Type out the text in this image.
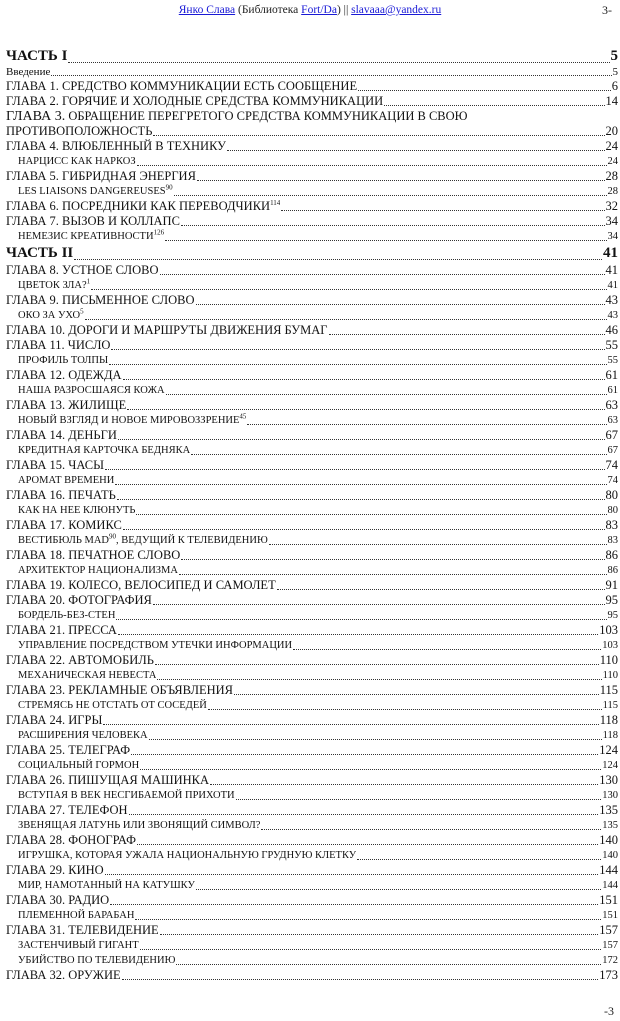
Янко Слава (Библиотека Fort/Da) || slavaaa@yandex.ru	3-
ЧАСТЬ I	5
Введение	5
ГЛАВА 1. СРЕДСТВО КОММУНИКАЦИИ ЕСТЬ СООБЩЕНИЕ	6
ГЛАВА 2. ГОРЯЧИЕ И ХОЛОДНЫЕ СРЕДСТВА КОММУНИКАЦИИ	14
ГЛАВА 3. ОБРАЩЕНИЕ ПЕРЕГРЕТОГО СРЕДСТВА КОММУНИКАЦИИ В СВОЮ
ПРОТИВОПОЛОЖНОСТЬ	20
ГЛАВА 4. ВЛЮБЛЕННЫЙ В ТЕХНИКУ	24
НАРЦИСС КАК НАРКОЗ	24
ГЛАВА 5. ГИБРИДНАЯ ЭНЕРГИЯ	28
LES LIAISONS DANGEREUSES$^{90}$	28
ГЛАВА 6. ПОСРЕДНИКИ КАК ПЕРЕВОДЧИКИ$^{114}$	32
ГЛАВА 7. ВЫЗОВ И КОЛЛАПС	34
НЕМЕЗИС КРЕАТИВНОСТИ$^{126}$	34
ЧАСТЬ II	41
ГЛАВА 8. УСТНОЕ СЛОВО	41
ЦВЕТОК ЗЛА?$^1$	41
ГЛАВА 9. ПИСЬМЕННОЕ СЛОВО	43
ОКО ЗА УХО$^5$	43
ГЛАВА 10. ДОРОГИ И МАРШРУТЫ ДВИЖЕНИЯ БУМАГ	46
ГЛАВА 11. ЧИСЛО	55
ПРОФИЛЬ ТОЛПЫ	55
ГЛАВА 12. ОДЕЖДА	61
НАША РАЗРОСШАЯСЯ КОЖА	61
ГЛАВА 13. ЖИЛИЩЕ	63
НОВЫЙ ВЗГЛЯД И НОВОЕ МИРОВОЗЗРЕНИЕ$^{45}$	63
ГЛАВА 14. ДЕНЬГИ	67
КРЕДИТНАЯ КАРТОЧКА БЕДНЯКА	67
ГЛАВА 15. ЧАСЫ	74
АРОМАТ ВРЕМЕНИ	74
ГЛАВА 16. ПЕЧАТЬ	80
КАК НА НЕЕ КЛЮНУТЬ	80
ГЛАВА 17. КОМИКС	83
ВЕСТИБЮЛЬ MAD$^{90}$, ВЕДУЩИЙ К ТЕЛЕВИДЕНИЮ	83
ГЛАВА 18. ПЕЧАТНОЕ СЛОВО	86
АРХИТЕКТОР НАЦИОНАЛИЗМА	86
ГЛАВА 19. КОЛЕСО, ВЕЛОСИПЕД И САМОЛЕТ	91
ГЛАВА 20. ФОТОГРАФИЯ	95
БОРДЕЛЬ-БЕЗ-СТЕН	95
ГЛАВА 21. ПРЕССА	103
УПРАВЛЕНИЕ ПОСРЕДСТВОМ УТЕЧКИ ИНФОРМАЦИИ	103
ГЛАВА 22. АВТОМОБИЛЬ	110
МЕХАНИЧЕСКАЯ НЕВЕСТА	110
ГЛАВА 23. РЕКЛАМНЫЕ ОБЪЯВЛЕНИЯ	115
СТРЕМЯСЬ НЕ ОТСТАТЬ ОТ СОСЕДЕЙ	115
ГЛАВА 24. ИГРЫ	118
РАСШИРЕНИЯ ЧЕЛОВЕКА	118
ГЛАВА 25. ТЕЛЕГРАФ	124
СОЦИАЛЬНЫЙ ГОРМОН	124
ГЛАВА 26. ПИШУЩАЯ МАШИНКА	130
ВСТУПАЯ В ВЕК НЕСГИБАЕМОЙ ПРИХОТИ	130
ГЛАВА 27. ТЕЛЕФОН	135
ЗВЕНЯЩАЯ ЛАТУНЬ ИЛИ ЗВОНЯЩИЙ СИМВОЛ?	135
ГЛАВА 28. ФОНОГРАФ	140
ИГРУШКА, КОТОРАЯ УЖАЛА НАЦИОНАЛЬНУЮ ГРУДНУЮ КЛЕТКУ	140
ГЛАВА 29. КИНО	144
МИР, НАМОТАННЫЙ НА КАТУШКУ	144
ГЛАВА 30. РАДИО	151
ПЛЕМЕННОЙ БАРАБАН	151
ГЛАВА 31. ТЕЛЕВИДЕНИЕ	157
ЗАСТЕНЧИВЫЙ ГИГАНТ	157
УБИЙСТВО ПО ТЕЛЕВИДЕНИЮ	172
ГЛАВА 32. ОРУЖИЕ	173
-3
